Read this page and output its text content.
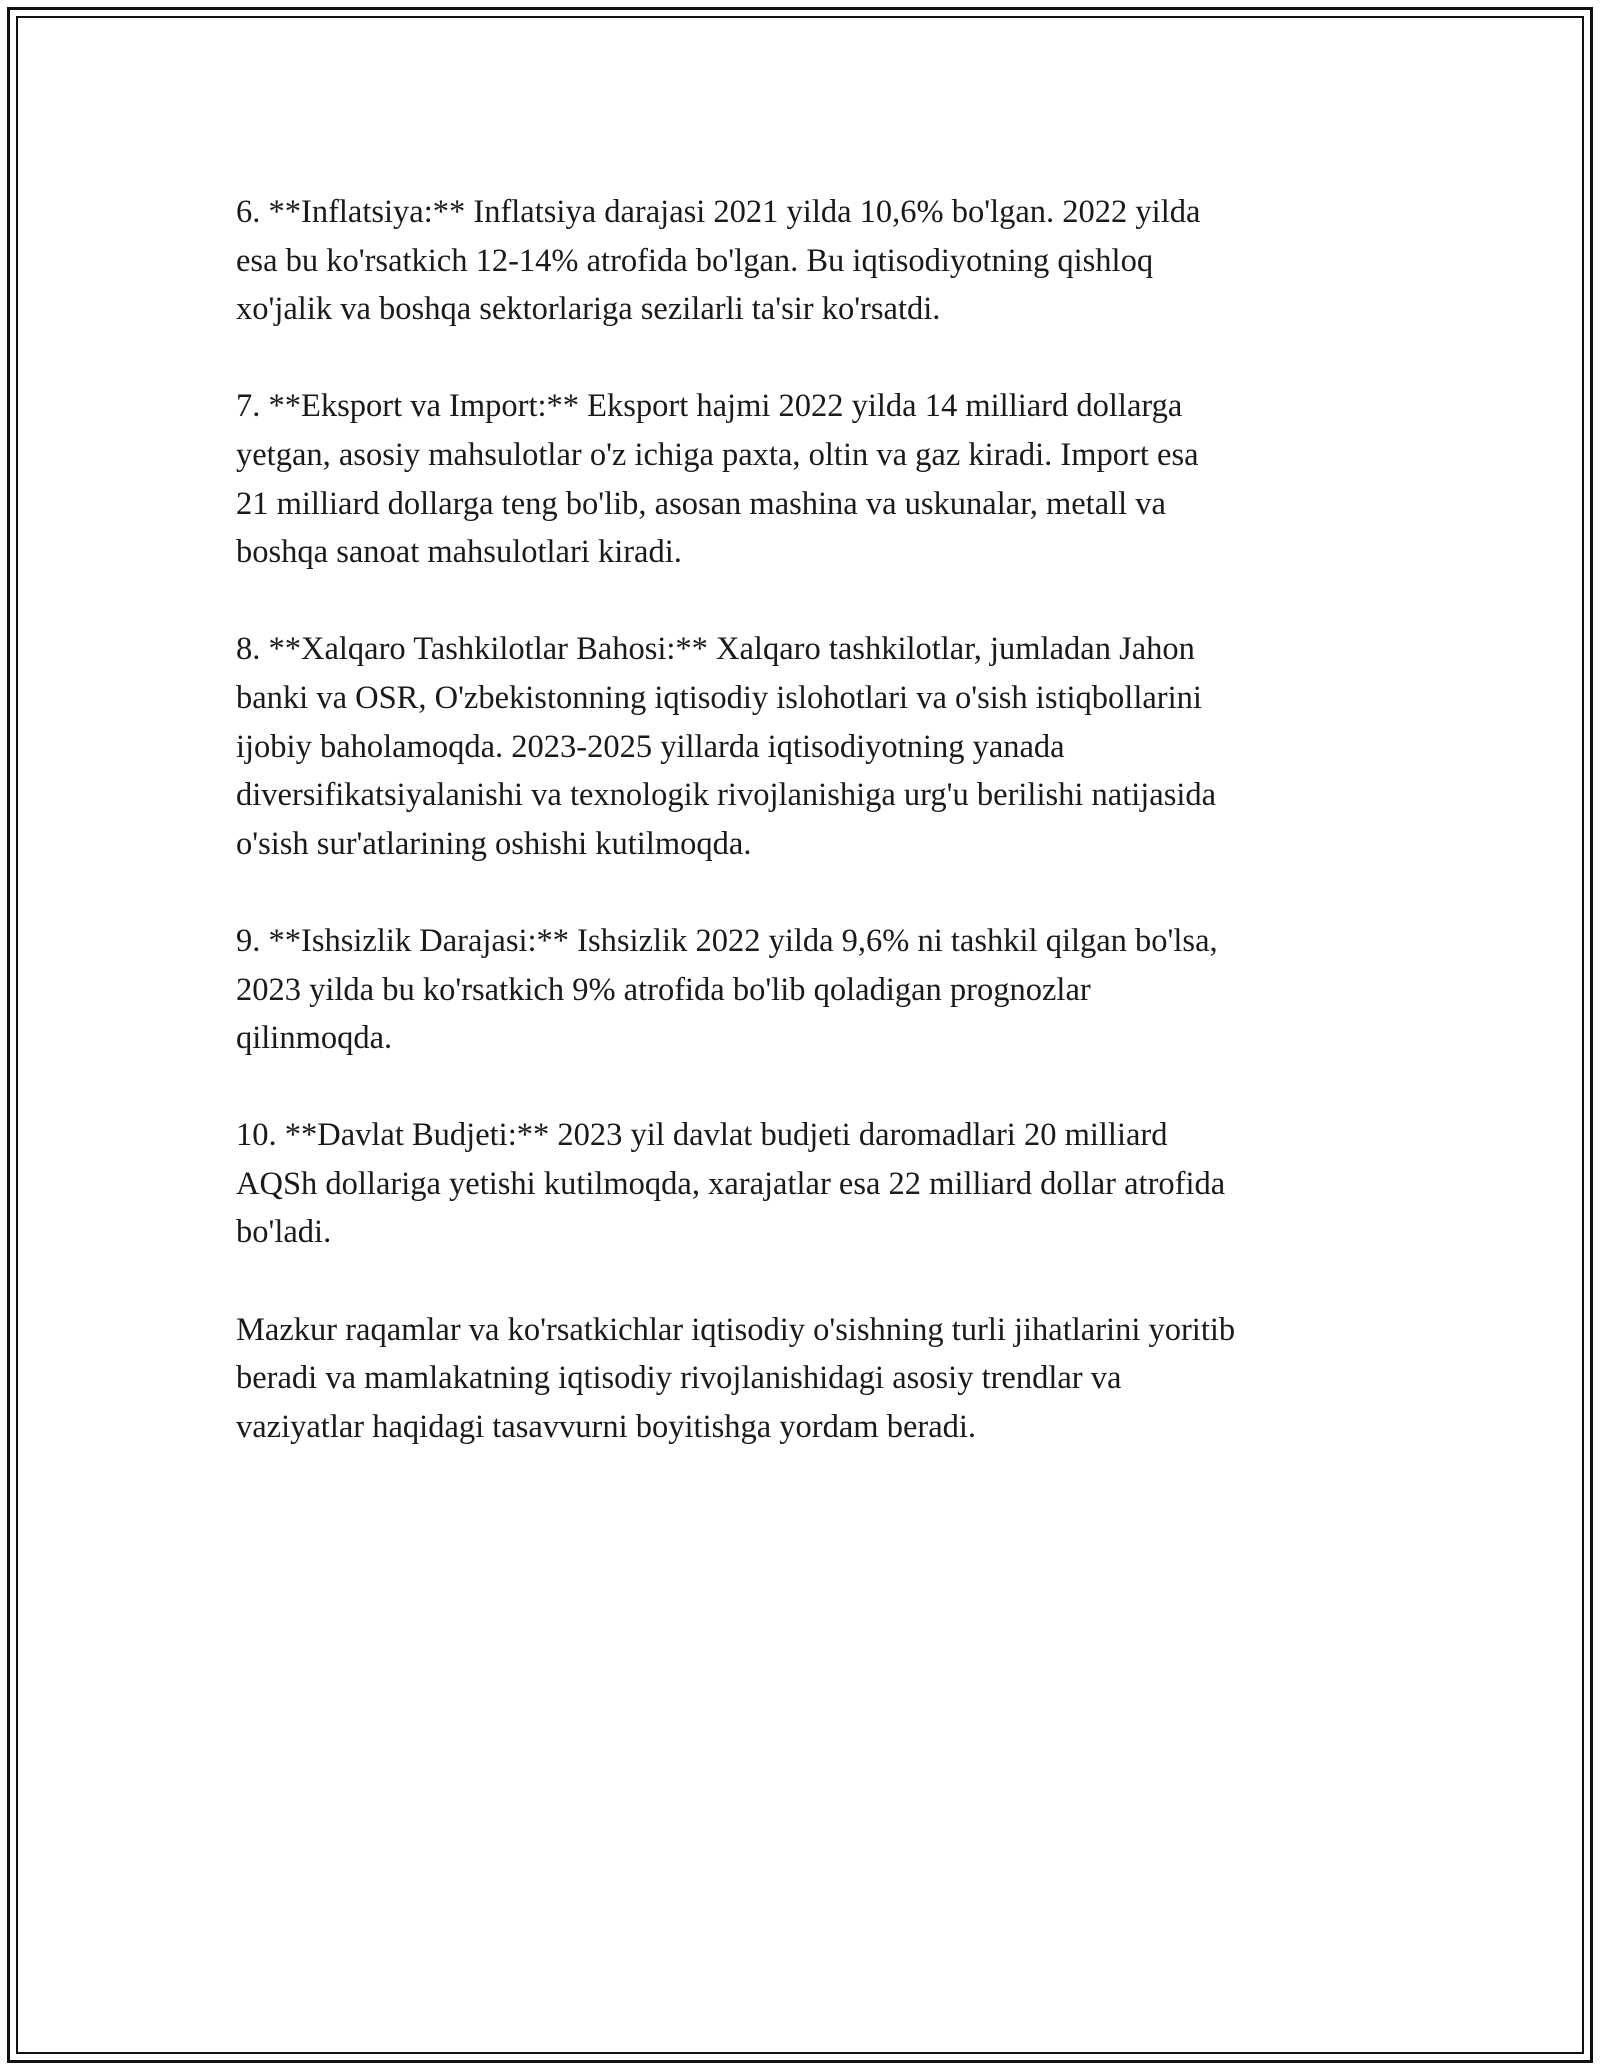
6. **Inflatsiya:** Inflatsiya darajasi 2021 yilda 10,6% bo'lgan. 2022 yilda
esa bu ko'rsatkich 12-14% atrofida bo'lgan. Bu iqtisodiyotning qishloq
xo'jalik va boshqa sektorlariga sezilarli ta'sir ko'rsatdi.

7. **Eksport va Import:** Eksport hajmi 2022 yilda 14 milliard dollarga
yetgan, asosiy mahsulotlar o'z ichiga paxta, oltin va gaz kiradi. Import esa
21 milliard dollarga teng bo'lib, asosan mashina va uskunalar, metall va
boshqa sanoat mahsulotlari kiradi.

8. **Xalqaro Tashkilotlar Bahosi:** Xalqaro tashkilotlar, jumladan Jahon
banki va OSR, O'zbekistonning iqtisodiy islohotlari va o'sish istiqbollarini
ijobiy baholamoqda. 2023-2025 yillarda iqtisodiyotning yanada
diversifikatsiyalanishi va texnologik rivojlanishiga urg'u berilishi natijasida
o'sish sur'atlarining oshishi kutilmoqda.

9. **Ishsizlik Darajasi:** Ishsizlik 2022 yilda 9,6% ni tashkil qilgan bo'lsa,
2023 yilda bu ko'rsatkich 9% atrofida bo'lib qoladigan prognozlar
qilinmoqda.

10. **Davlat Budjeti:** 2023 yil davlat budjeti daromadlari 20 milliard
AQSh dollariga yetishi kutilmoqda, xarajatlar esa 22 milliard dollar atrofida
bo'ladi.

Mazkur raqamlar va ko'rsatkichlar iqtisodiy o'sishning turli jihatlarini yoritib
beradi va mamlakatning iqtisodiy rivojlanishidagi asosiy trendlar va
vaziyatlar haqidagi tasavvurni boyitishga yordam beradi.
